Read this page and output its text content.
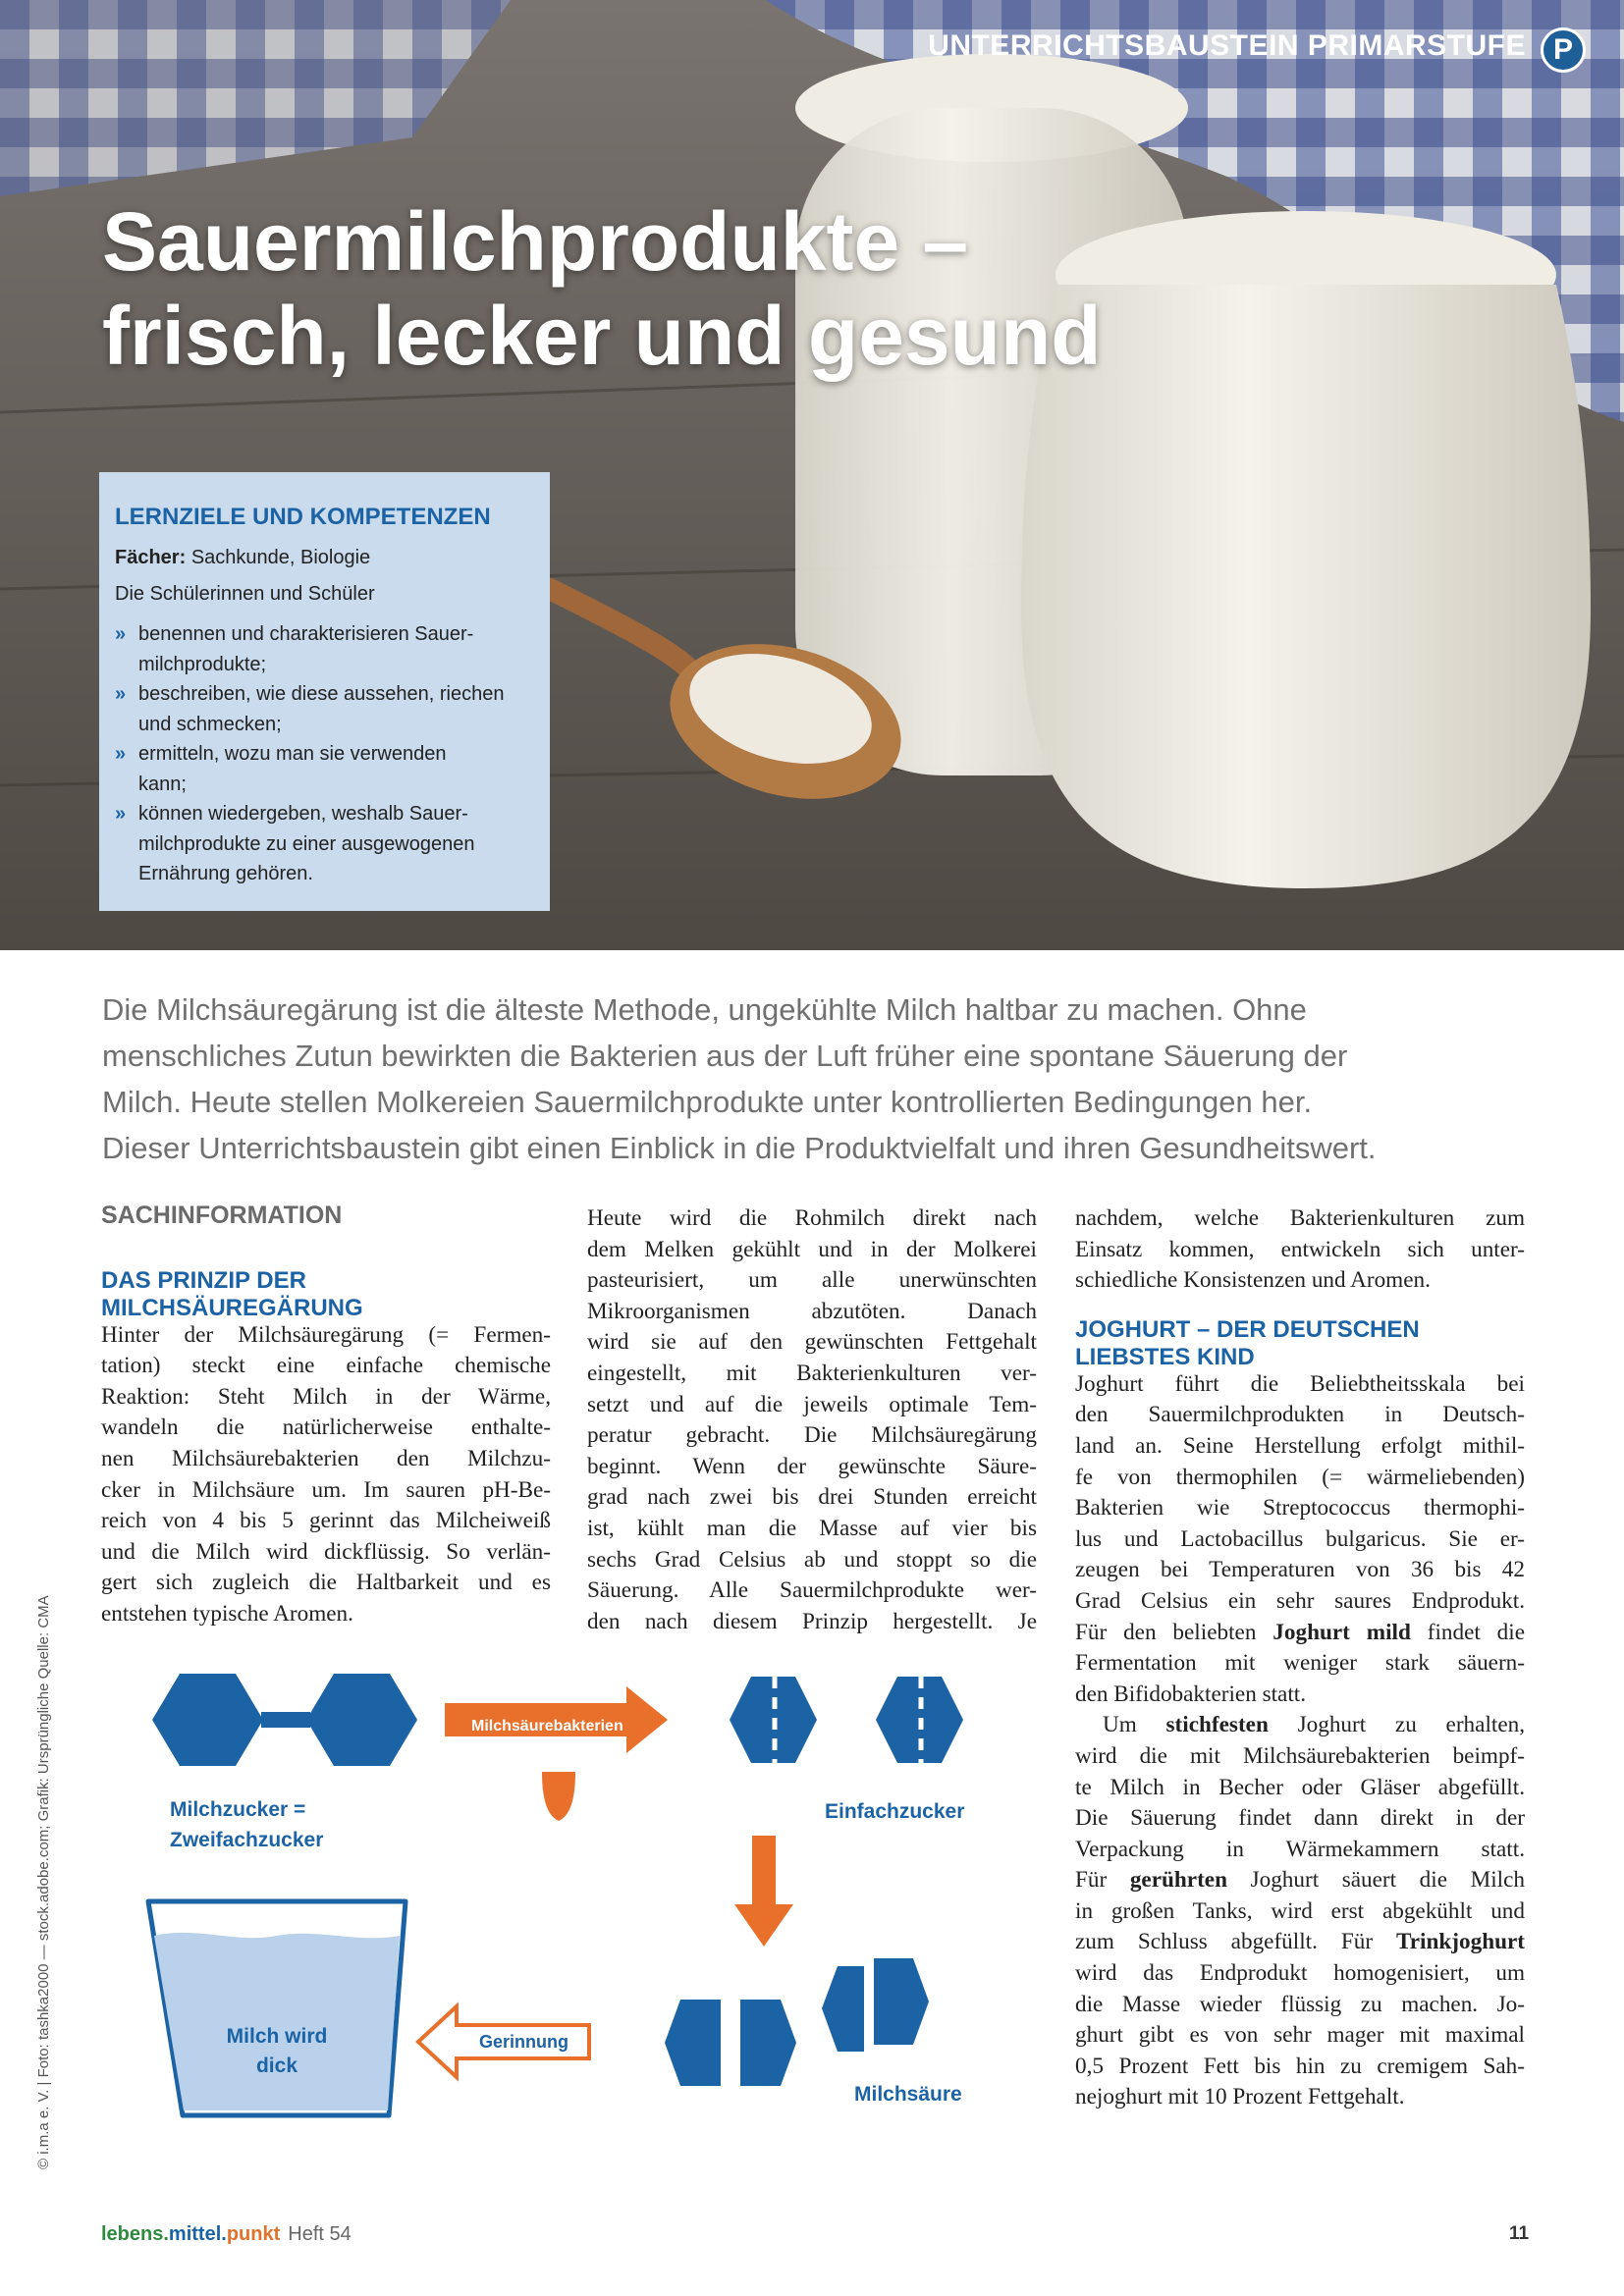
UNTERRICHTSBAUSTEIN PRIMARSTUFE P
Sauermilchprodukte –
frisch, lecker und gesund
LERNZIELE UND KOMPETENZEN
Fächer: Sachkunde, Biologie
Die Schülerinnen und Schüler
» benennen und charakterisieren Sauer-
milchprodukte;
» beschreiben, wie diese aussehen, riechen
und schmecken;
» ermitteln, wozu man sie verwenden
kann;
» können wiedergeben, weshalb Sauer-
milchprodukte zu einer ausgewogenen
Ernährung gehören.

Die Milchsäuregärung ist die älteste Methode, ungekühlte Milch haltbar zu machen. Ohne

menschliches Zutun bewirkten die Bakterien aus der Luft früher eine spontane Säuerung der

Milch. Heute stellen Molkereien Sauermilchprodukte unter kontrollierten Bedingungen her.

Dieser Unterrichtsbaustein gibt einen Einblick in die Produktvielfalt und ihren Gesundheitswert.

SACHINFORMATION
DAS PRINZIP DER
MILCHSÄUREGÄRUNG
Hinter der Milchsäuregärung (= Fermen-
tation) steckt eine einfache chemische
Reaktion: Steht Milch in der Wärme,
wandeln die natürlicherweise enthalte-
nen Milchsäurebakterien den Milchzu-
cker in Milchsäure um. Im sauren pH-Be-
reich von 4 bis 5 gerinnt das Milcheiweiß
und die Milch wird dickflüssig. So verlän-
gert sich zugleich die Haltbarkeit und es
entstehen typische Aromen.
Heute wird die Rohmilch direkt nach
dem Melken gekühlt und in der Molkerei
pasteurisiert, um alle unerwünschten
Mikroorganismen abzutöten. Danach
wird sie auf den gewünschten Fettgehalt
eingestellt, mit Bakterienkulturen ver-
setzt und auf die jeweils optimale Tem-
peratur gebracht. Die Milchsäuregärung
beginnt. Wenn der gewünschte Säure-
grad nach zwei bis drei Stunden erreicht
ist, kühlt man die Masse auf vier bis
sechs Grad Celsius ab und stoppt so die
Säuerung. Alle Sauermilchprodukte wer-
den nach diesem Prinzip hergestellt. Je
nachdem, welche Bakterienkulturen zum
Einsatz kommen, entwickeln sich unter-
schiedliche Konsistenzen und Aromen.
JOGHURT – DER DEUTSCHEN
LIEBSTES KIND
Joghurt führt die Beliebtheitsskala bei
den Sauermilchprodukten in Deutsch-
land an. Seine Herstellung erfolgt mithil-
fe von thermophilen (= wärmeliebenden)
Bakterien wie Streptococcus thermophi-
lus und Lactobacillus bulgaricus. Sie er-
zeugen bei Temperaturen von 36 bis 42
Grad Celsius ein sehr saures Endprodukt.
Für den beliebten Joghurt mild findet die
Fermentation mit weniger stark säuern-
den Bifidobakterien statt.
Um stichfesten Joghurt zu erhalten,
wird die mit Milchsäurebakterien beimpf-
te Milch in Becher oder Gläser abgefüllt.
Die Säuerung findet dann direkt in der
Verpackung in Wärmekammern statt.
Für gerührten Joghurt säuert die Milch
in großen Tanks, wird erst abgekühlt und
zum Schluss abgefüllt. Für Trinkjoghurt
wird das Endprodukt homogenisiert, um
die Masse wieder flüssig zu machen. Jo-
ghurt gibt es von sehr mager mit maximal
0,5 Prozent Fett bis hin zu cremigem Sah-
nejoghurt mit 10 Prozent Fettgehalt.
Milchzucker =
Zweifachzucker
Milchsäurebakterien
Einfachzucker
Milchsäure
Gerinnung
Milch wird
dick
© i.m.a e. V. | Foto: tashka2000 — stock.adobe.com; Grafik: Ursprüngliche Quelle: CMA
lebens.mittel.punkt Heft 54	11
